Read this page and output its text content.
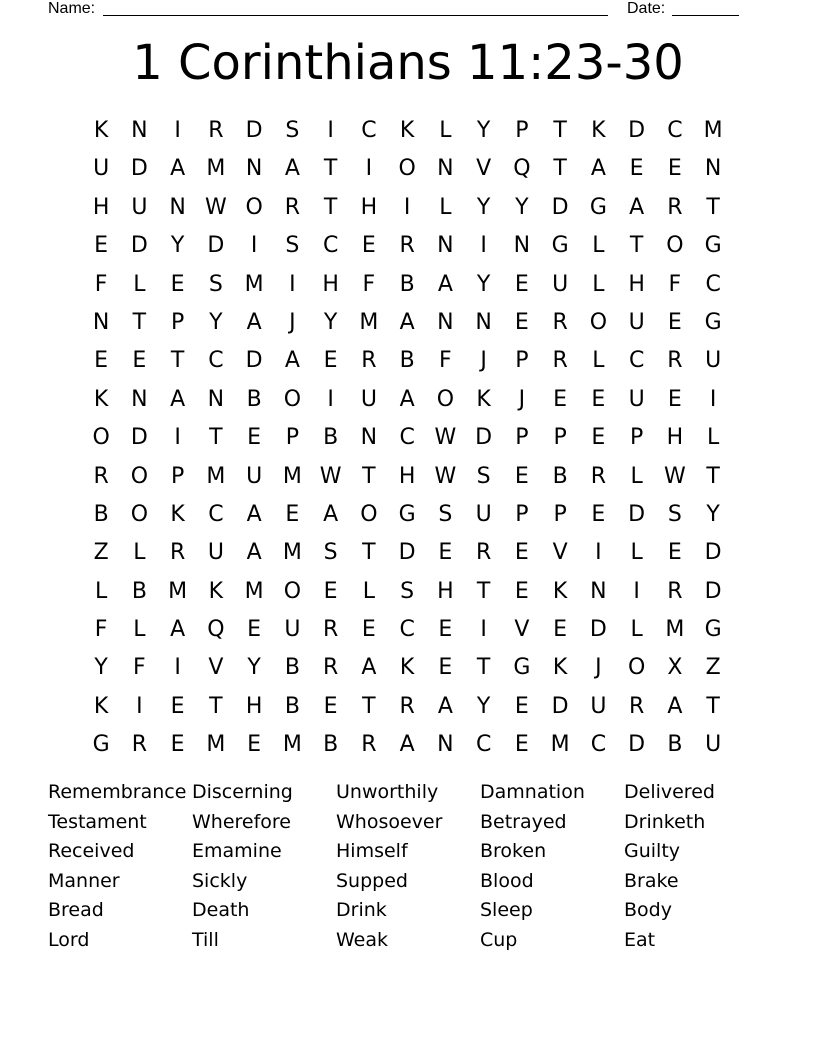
Name:	Date:
1 Corinthians 11:23-30
K	N	I	R	D	S	I	C	K	L	Y	P	T	K	D	C M
U D	A M N	A	T	I	O N	V	Q	T	A	E	E	N
H U N W O R	T	H	I	L	Y	Y	D G	A	R	T
E	D	Y	D	I	S	C	E	R	N	I	N G	L	T	O G
F	L	E	S M	I	H	F	B	A	Y	E	U	L	H	F	C
N	T	P	Y	A	J	Y	M A	N N	E	R O U	E	G
E	E	T	C	D	A	E	R	B	F	J	P	R	L	C	R	U
K	N	A	N	B	O	I	U	A	O	K	J	E	E	U	E	I
O D	I	T	E	P	B	N	C W D	P	P	E	P	H	L
R O	P	M U M W T	H W S	E	B	R	L W T
B	O	K	C	A	E	A	O G	S	U	P	P	E	D	S	Y
Z	L	R	U	A M S	T	D	E	R	E	V	I	L	E	D
L	B M K M O	E	L	S	H	T	E	K	N	I	R	D
F	L	A	Q	E	U	R	E	C	E	I	V	E	D	L	M G
Y	F	I	V	Y	B	R	A	K	E	T	G	K	J	O	X	Z
K	I	E	T	H	B	E	T	R	A	Y	E	D U	R	A	T
G	R	E M E M B	R	A	N	C	E M C	D	B	U
Remembrance Discerning	Unworthily	Damnation	Delivered
Testament	Wherefore	Whosoever	Betrayed	Drinketh
Received	Emamine	Himself	Broken	Guilty
Manner	Sickly	Supped	Blood	Brake
Bread	Death	Drink	Sleep	Body
Lord	Till	Weak	Cup	Eat
